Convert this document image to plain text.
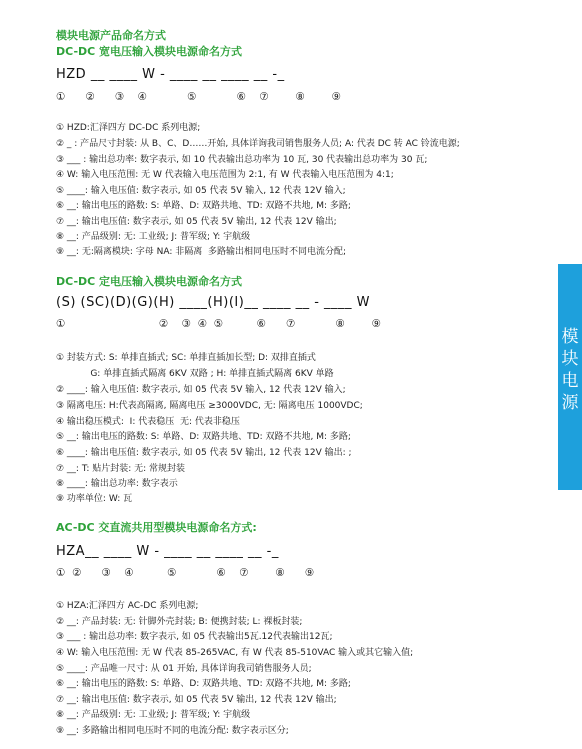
模块电源产品命名方式
DC-DC 宽电压输入模块电源命名方式
HZD __ ____ W - ____ __ ____ __ -_
①      ②      ③    ④            ⑤            ⑥    ⑦        ⑧        ⑨
① HZD:汇泽四方 DC-DC 系列电源;
② _ : 产品尺寸封装: 从 B、C、D……开始, 具体详询我司销售服务人员; A: 代表 DC 转 AC 铃流电源;
③ ___ : 输出总功率: 数字表示, 如 10 代表输出总功率为 10 瓦, 30 代表输出总功率为 30 瓦;
④ W: 输入电压范围: 无 W 代表输入电压范围为 2:1, 有 W 代表输入电压范围为 4:1;
⑤ ____: 输入电压值: 数字表示, 如 05 代表 5V 输入, 12 代表 12V 输入;
⑥ __: 输出电压的路数: S: 单路、D: 双路共地、TD: 双路不共地, M: 多路;
⑦ __: 输出电压值: 数字表示, 如 05 代表 5V 输出, 12 代表 12V 输出;
⑧ __: 产品级别: 无: 工业级; J: 普军级; Y: 宇航级
⑨ __: 无:隔离模块: 字母 NA: 非隔离  多路输出相同电压时不同电流分配;
DC-DC 定电压输入模块电源命名方式
(S) (SC)(D)(G)(H) ____(H)(I)__ ____ __ - ____ W
①                            ②    ③  ④  ⑤          ⑥      ⑦            ⑧        ⑨
① 封装方式: S: 单排直插式; SC: 单排直插加长型; D: 双排直插式
G: 单排直插式隔离 6KV 双路 ; H: 单排直插式隔离 6KV 单路
② ____: 输入电压值: 数字表示, 如 05 代表 5V 输入, 12 代表 12V 输入;
③ 隔离电压: H:代表高隔离, 隔离电压 ≥3000VDC, 无: 隔离电压 1000VDC;
④ 输出稳压模式:  I: 代表稳压  无: 代表非稳压
⑤ __: 输出电压的路数: S: 单路、D: 双路共地、TD: 双路不共地, M: 多路;
⑥ ____: 输出电压值: 数字表示, 如 05 代表 5V 输出, 12 代表 12V 输出: ;
⑦ __: T: 贴片封装: 无: 常规封装
⑧ ____: 输出总功率: 数字表示
⑨ 功率单位: W: 瓦
AC-DC 交直流共用型模块电源命名方式:
HZA__ ____ W - ____ __ ____ __ -_
①  ②      ③    ④          ⑤            ⑥    ⑦        ⑧      ⑨
① HZA:汇泽四方 AC-DC 系列电源;
② __: 产品封装: 无: 针脚外壳封装; B: 便携封装; L: 裸板封装;
③ ___ : 输出总功率: 数字表示, 如 05 代表输出5瓦.12代表输出12瓦;
④ W: 输入电压范围: 无 W 代表 85-265VAC, 有 W 代表 85-510VAC 输入或其它输入值;
⑤ ____: 产品唯一尺寸: 从 01 开始, 具体详询我司销售服务人员;
⑥ __: 输出电压的路数: S: 单路、D: 双路共地、TD: 双路不共地, M: 多路;
⑦ __: 输出电压值: 数字表示, 如 05 代表 5V 输出, 12 代表 12V 输出;
⑧ __: 产品级别: 无: 工业级; J: 普军级; Y: 宇航级
⑨ __: 多路输出相同电压时不同的电流分配: 数字表示区分;
模
块
电
源
